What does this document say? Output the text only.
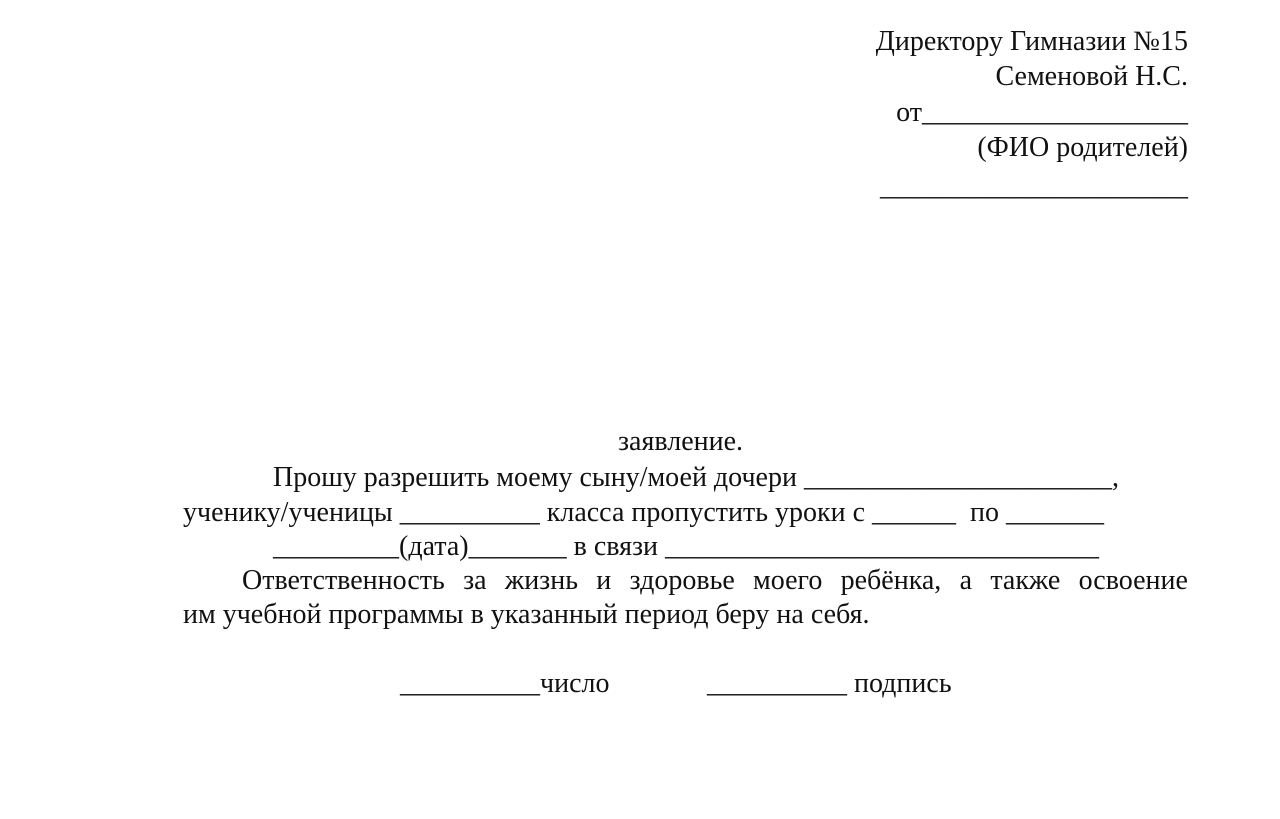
Директору Гимназии №15
Семеновой Н.С.
от___________________
(ФИО родителей)
______________________
заявление.
Прошу разрешить моему сыну/моей дочери ______________________,
ученику/ученицы __________ класса пропустить уроки с ______  по _______
_________(дата)_______ в связи _______________________________
Ответственность за жизнь и здоровье моего ребёнка, а также освоение
им учебной программы в указанный период беру на себя.
__________число	__________ подпись
